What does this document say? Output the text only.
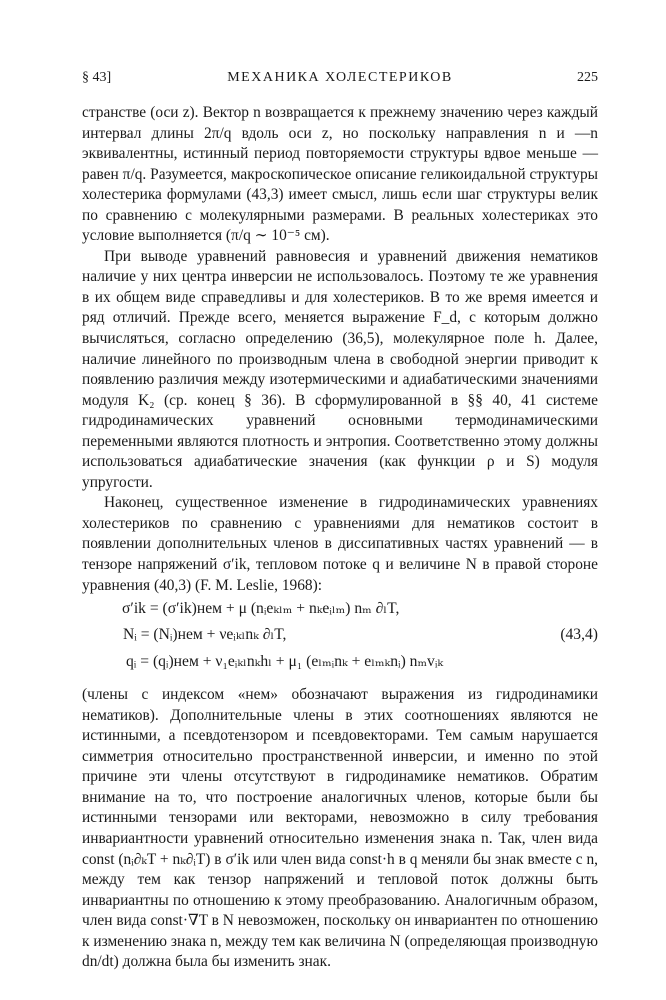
§ 43]	МЕХАНИКА ХОЛЕСТЕРИКОВ	225

странстве (оси z). Вектор n возвращается к прежнему значению через каждый интервал длины 2π/q вдоль оси z, но поскольку направления n и —n эквивалентны, истинный период повторяемости структуры вдвое меньше — равен π/q. Разумеется, макроскопическое описание геликоидальной структуры холестерика формулами (43,3) имеет смысл, лишь если шаг структуры велик по сравнению с молекулярными размерами. В реальных холестериках это условие выполняется (π/q ∼ 10⁻⁵ см).

При выводе уравнений равновесия и уравнений движения нематиков наличие у них центра инверсии не использовалось. Поэтому те же уравнения в их общем виде справедливы и для холестериков. В то же время имеется и ряд отличий. Прежде всего, меняется выражение F_d, с которым должно вычисляться, согласно определению (36,5), молекулярное поле h. Далее, наличие линейного по производным члена в свободной энергии приводит к появлению различия между изотермическими и адиабатическими значениями модуля K₂ (ср. конец § 36). В сформулированной в §§ 40, 41 системе гидродинамических уравнений основными термодинамическими переменными являются плотность и энтропия. Соответственно этому должны использоваться адиабатические значения (как функции ρ и S) модуля упругости.

Наконец, существенное изменение в гидродинамических уравнениях холестериков по сравнению с уравнениями для нематиков состоит в появлении дополнительных членов в диссипативных частях уравнений — в тензоре напряжений σ′ik, тепловом потоке q и величине N в правой стороне уравнения (40,3) (F. M. Leslie, 1968):

σ′ik = (σ′ik)нем + μ (nᵢeₖₗₘ + nₖeᵢₗₘ) nₘ ∂ₗT,
Nᵢ = (Nᵢ)нем + νeᵢₖₗnₖ ∂ₗT,
qᵢ = (qᵢ)нем + ν₁eᵢₖₗnₖhₗ + μ₁ (eₗₘᵢnₖ + eₗₘₖnᵢ) nₘvᵢₖ
(43,4)

(члены с индексом «нем» обозначают выражения из гидродинамики нематиков). Дополнительные члены в этих соотношениях являются не истинными, а псевдотензором и псевдовекторами. Тем самым нарушается симметрия относительно пространственной инверсии, и именно по этой причине эти члены отсутствуют в гидродинамике нематиков. Обратим внимание на то, что построение аналогичных членов, которые были бы истинными тензорами или векторами, невозможно в силу требования инвариантности уравнений относительно изменения знака n. Так, член вида const (nᵢ∂ₖT + nₖ∂ᵢT) в σ′ik или член вида const·h в q меняли бы знак вместе с n, между тем как тензор напряжений и тепловой поток должны быть инвариантны по отношению к этому преобразованию. Аналогичным образом, член вида const·∇T в N невозможен, поскольку он инвариантен по отношению к изменению знака n, между тем как величина N (определяющая производную dn/dt) должна была бы изменить знак.
